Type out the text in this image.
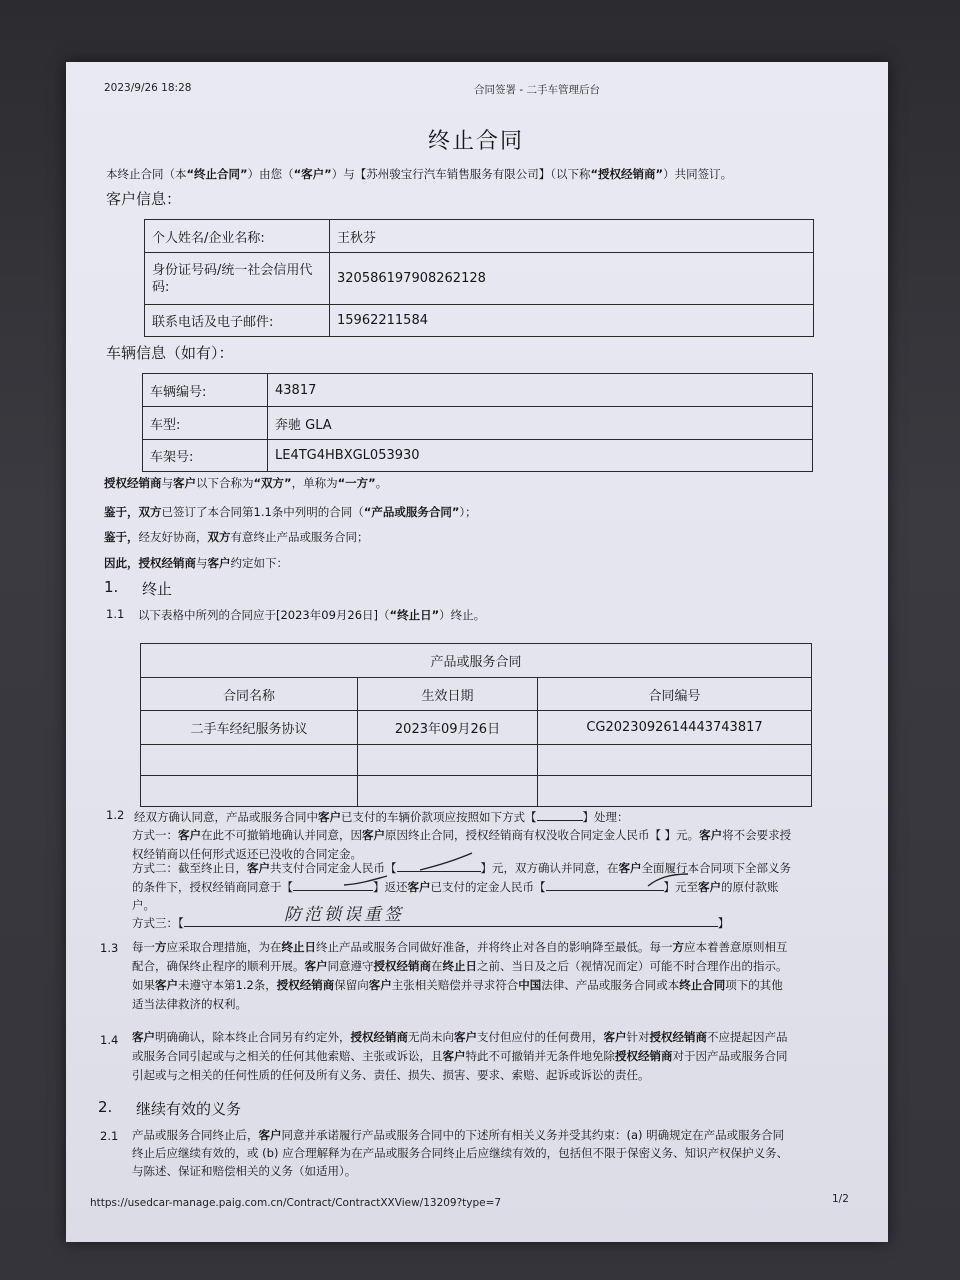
2023/9/26 18:28	合同签署 - 二手车管理后台
终止合同
本终止合同（本“终止合同”）由您（“客户”）与【苏州骏宝行汽车销售服务有限公司】（以下称“授权经销商”）共同签订。
客户信息：
个人姓名/企业名称:	王秋芬
身份证号码/统一社会信用代码:	320586197908262128
联系电话及电子邮件:	15962211584
车辆信息（如有）：
车辆编号:	43817
车型:	奔驰 GLA
车架号:	LE4TG4HBXGL053930
授权经销商与客户以下合称为“双方”，单称为“一方”。
鉴于，双方已签订了本合同第1.1条中列明的合同（“产品或服务合同”）；
鉴于，经友好协商，双方有意终止产品或服务合同；
因此，授权经销商与客户约定如下：
1. 终止
1.1 以下表格中所列的合同应于[2023年09月26日]（“终止日”）终止。
产品或服务合同		
合同名称	生效日期	合同编号
二手车经纪服务协议	2023年09月26日	CG2023092614443743817

1.2 经双方确认同意，产品或服务合同中客户已支付的车辆价款项应按照如下方式【	】处理：
方式一：客户在此不可撤销地确认并同意，因客户原因终止合同，授权经销商有权没收合同定金人民币【 】元。客户将不会要求授
权经销商以任何形式返还已没收的合同定金。
方式二：截至终止日，客户共支付合同定金人民币【	】元，双方确认并同意，在客户全面履行本合同项下全部义务
的条件下，授权经销商同意于【	】返还客户已支付的定金人民币【	】元至客户的原付款账
户。
方式三：【	】
防范锁误重签
1.3 每一方应采取合理措施，为在终止日终止产品或服务合同做好准备，并将终止对各自的影响降至最低。每一方应本着善意原则相互
配合，确保终止程序的顺利开展。客户同意遵守授权经销商在终止日之前、当日及之后（视情况而定）可能不时合理作出的指示。
如果客户未遵守本第1.2条，授权经销商保留向客户主张相关赔偿并寻求符合中国法律、产品或服务合同或本终止合同项下的其他
适当法律救济的权利。
1.4 客户明确确认，除本终止合同另有约定外，授权经销商无尚未向客户支付但应付的任何费用，客户针对授权经销商不应提起因产品
或服务合同引起或与之相关的任何其他索赔、主张或诉讼，且客户特此不可撤销并无条件地免除授权经销商对于因产品或服务合同
引起或与之相关的任何性质的任何及所有义务、责任、损失、损害、要求、索赔、起诉或诉讼的责任。
2. 继续有效的义务
2.1 产品或服务合同终止后，客户同意并承诺履行产品或服务合同中的下述所有相关义务并受其约束：(a) 明确规定在产品或服务合同
终止后应继续有效的，或 (b) 应合理解释为在产品或服务合同终止后应继续有效的，包括但不限于保密义务、知识产权保护义务、
与陈述、保证和赔偿相关的义务（如适用）。
https://usedcar-manage.paig.com.cn/Contract/ContractXXView/13209?type=7	1/2
